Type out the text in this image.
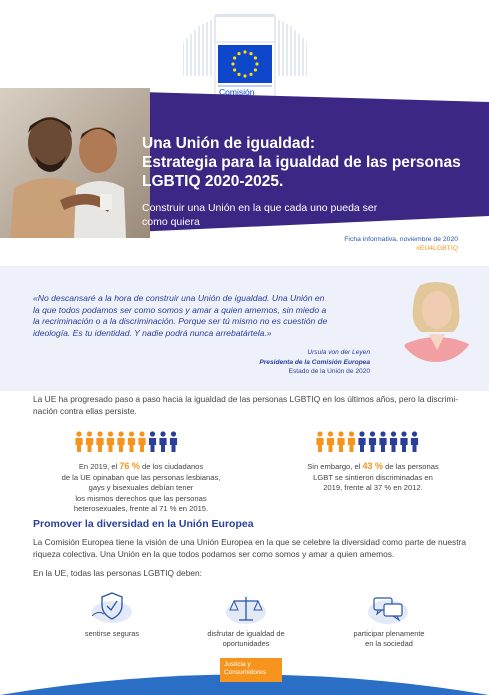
Comisión
Una Unión de igualdad:
Estrategia para la igualdad de las personas
LGBTIQ 2020-2025.
Construir una Unión en la que cada uno pueda ser
como quiera
Ficha informativa, noviembre de 2020
#EU4LGBTIQ
«No descansaré a la hora de construir una Unión de igualdad. Una Unión en
la que todos podamos ser como somos y amar a quien amemos, sin miedo a
la recriminación o a la discriminación. Porque ser tú mismo no es cuestión de
ideología. Es tu identidad. Y nadie podrá nunca arrebatártela.»
Ursula von der Leyen
Presidenta de la Comisión Europea
Estado de la Unión de 2020
La UE ha progresado paso a paso hacia la igualdad de las personas LGBTIQ en los últimos años, pero la discrimi-
nación contra ellas persiste.
En 2019, el 76 % de los ciudadanos
de la UE opinaban que las personas lesbianas,
gays y bisexuales debían tener
los mismos derechos que las personas
heterosexuales, frente al 71 % en 2015.
Sin embargo, el 43 % de las personas
LGBT se sintieron discriminadas en
2019, frente al 37 % en 2012.
Promover la diversidad en la Unión Europea
La Comisión Europea tiene la visión de una Unión Europea en la que se celebre la diversidad como parte de nuestra
riqueza colectiva. Una Unión en la que todos podamos ser como somos y amar a quien amemos.
En la UE, todas las personas LGBTIQ deben:
sentirse seguras	disfrutar de igualdad de
oportunidades
participar plenamente
en la sociedad
Justicia y
Consumidores
